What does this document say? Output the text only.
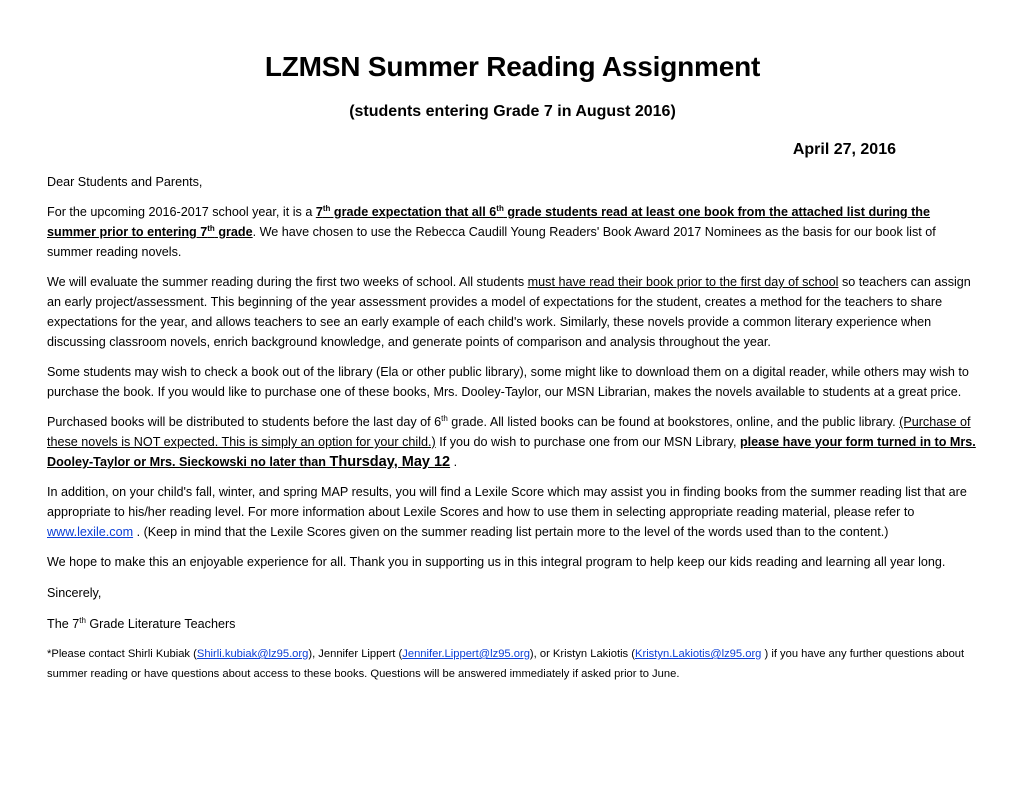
LZMSN Summer Reading Assignment
(students entering Grade 7 in August 2016)
April 27, 2016

Dear Students and Parents,

For the upcoming 2016-2017 school year, it is a 7th grade expectation that all 6th grade students read at least one book from the attached list during the summer prior to entering 7th grade. We have chosen to use the Rebecca Caudill Young Readers' Book Award 2017 Nominees as the basis for our book list of summer reading novels.

We will evaluate the summer reading during the first two weeks of school. All students must have read their book prior to the first day of school so teachers can assign an early project/assessment. This beginning of the year assessment provides a model of expectations for the student, creates a method for the teachers to share expectations for the year, and allows teachers to see an early example of each child's work. Similarly, these novels provide a common literary experience when discussing classroom novels, enrich background knowledge, and generate points of comparison and analysis throughout the year.

Some students may wish to check a book out of the library (Ela or other public library), some might like to download them on a digital reader, while others may wish to purchase the book. If you would like to purchase one of these books, Mrs. Dooley-Taylor, our MSN Librarian, makes the novels available to students at a great price.

Purchased books will be distributed to students before the last day of 6th grade. All listed books can be found at bookstores, online, and the public library. (Purchase of these novels is NOT expected. This is simply an option for your child.) If you do wish to purchase one from our MSN Library, please have your form turned in to Mrs. Dooley-Taylor or Mrs. Sieckowski no later than Thursday, May 12 .

In addition, on your child's fall, winter, and spring MAP results, you will find a Lexile Score which may assist you in finding books from the summer reading list that are appropriate to his/her reading level. For more information about Lexile Scores and how to use them in selecting appropriate reading material, please refer to www.lexile.com . (Keep in mind that the Lexile Scores given on the summer reading list pertain more to the level of the words used than to the content.)

We hope to make this an enjoyable experience for all. Thank you in supporting us in this integral program to help keep our kids reading and learning all year long.

Sincerely,

The 7th Grade Literature Teachers

*Please contact Shirli Kubiak (Shirli.kubiak@lz95.org), Jennifer Lippert (Jennifer.Lippert@lz95.org), or Kristyn Lakiotis (Kristyn.Lakiotis@lz95.org ) if you have any further questions about summer reading or have questions about access to these books. Questions will be answered immediately if asked prior to June.
